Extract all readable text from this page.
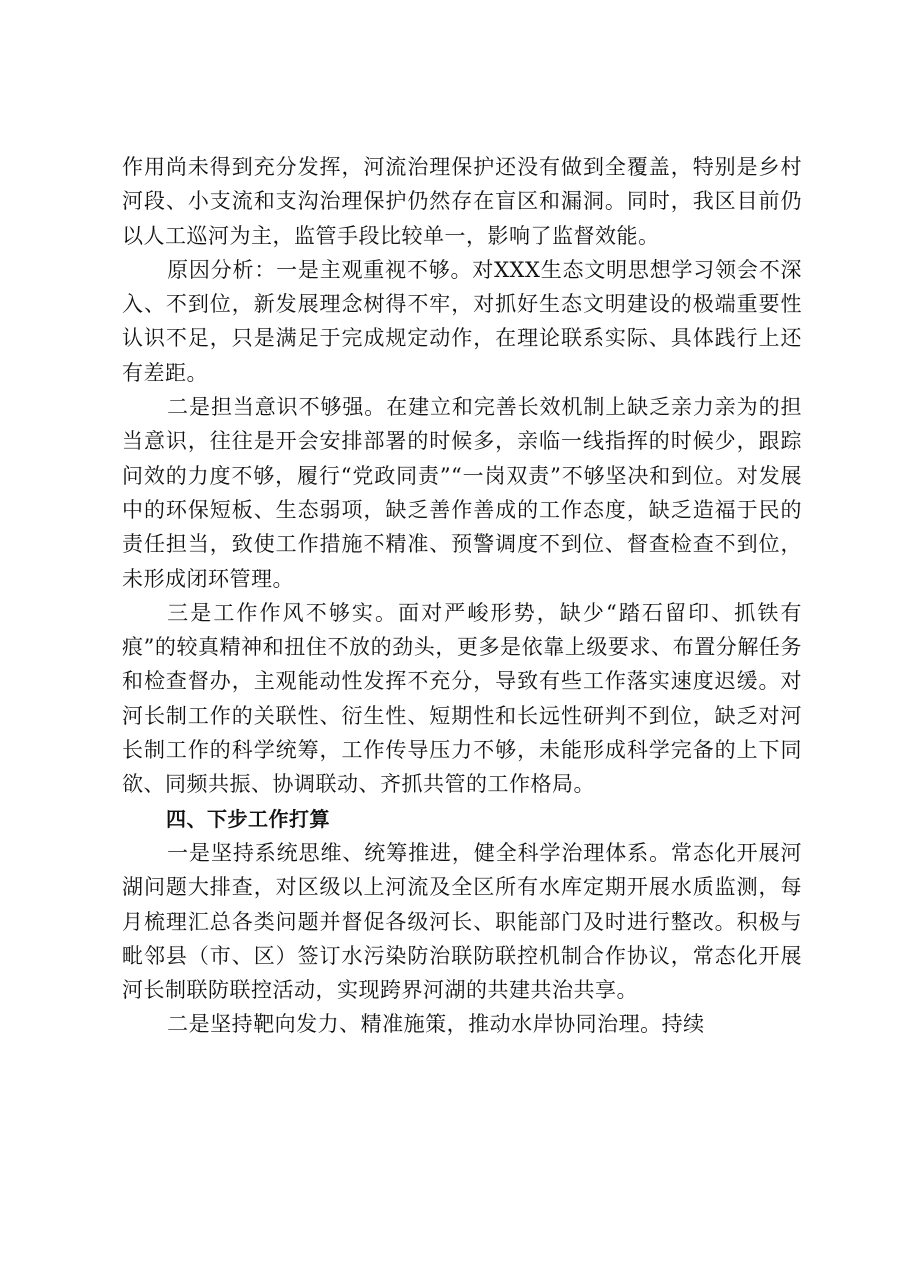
作用尚未得到充分发挥，河流治理保护还没有做到全覆盖，特别是乡村河段、小支流和支沟治理保护仍然存在盲区和漏洞。同时，我区目前仍以人工巡河为主，监管手段比较单一，影响了监督效能。

原因分析：一是主观重视不够。对XXX生态文明思想学习领会不深入、不到位，新发展理念树得不牢，对抓好生态文明建设的极端重要性认识不足，只是满足于完成规定动作，在理论联系实际、具体践行上还有差距。

二是担当意识不够强。在建立和完善长效机制上缺乏亲力亲为的担当意识，往往是开会安排部署的时候多，亲临一线指挥的时候少，跟踪问效的力度不够，履行“党政同责”“一岗双责”不够坚决和到位。对发展中的环保短板、生态弱项，缺乏善作善成的工作态度，缺乏造福于民的责任担当，致使工作措施不精准、预警调度不到位、督查检查不到位，未形成闭环管理。

三是工作作风不够实。面对严峻形势，缺少“踏石留印、抓铁有痕”的较真精神和扭住不放的劲头，更多是依靠上级要求、布置分解任务和检查督办，主观能动性发挥不充分，导致有些工作落实速度迟缓。对河长制工作的关联性、衍生性、短期性和长远性研判不到位，缺乏对河长制工作的科学统筹，工作传导压力不够，未能形成科学完备的上下同欲、同频共振、协调联动、齐抓共管的工作格局。

四、下步工作打算

一是坚持系统思维、统筹推进，健全科学治理体系。常态化开展河湖问题大排查，对区级以上河流及全区所有水库定期开展水质监测，每月梳理汇总各类问题并督促各级河长、职能部门及时进行整改。积极与毗邻县（市、区）签订水污染防治联防联控机制合作协议，常态化开展河长制联防联控活动，实现跨界河湖的共建共治共享。

二是坚持靶向发力、精准施策，推动水岸协同治理。持续
